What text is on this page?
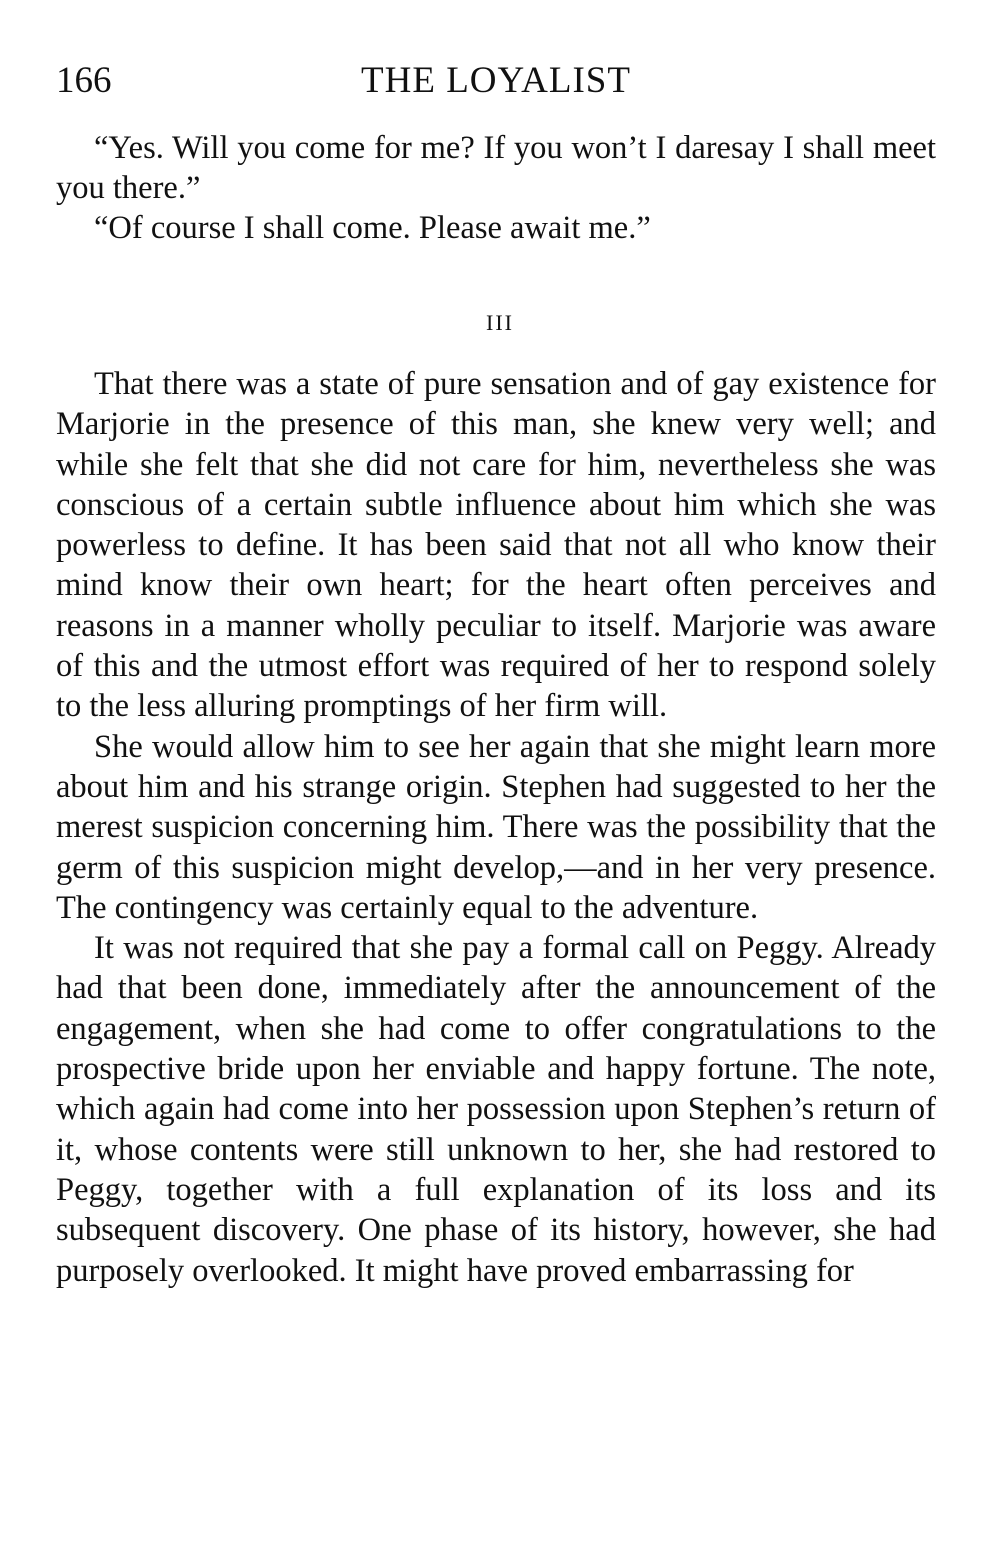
166	THE LOYALIST

“Yes. Will you come for me? If you won’t I daresay I shall meet you there.”

“Of course I shall come. Please await me.”

III

That there was a state of pure sensation and of gay existence for Marjorie in the presence of this man, she knew very well; and while she felt that she did not care for him, nevertheless she was conscious of a certain subtle influence about him which she was powerless to define. It has been said that not all who know their mind know their own heart; for the heart often perceives and reasons in a manner wholly peculiar to itself. Marjorie was aware of this and the utmost effort was required of her to respond solely to the less alluring promptings of her firm will.

She would allow him to see her again that she might learn more about him and his strange origin. Stephen had suggested to her the merest suspicion concerning him. There was the possibility that the germ of this suspicion might develop,—and in her very presence. The contingency was certainly equal to the adventure.

It was not required that she pay a formal call on Peggy. Already had that been done, immediately after the announcement of the engagement, when she had come to offer congratulations to the prospective bride upon her enviable and happy fortune. The note, which again had come into her possession upon Stephen’s return of it, whose contents were still unknown to her, she had restored to Peggy, together with a full explanation of its loss and its subsequent discovery. One phase of its history, however, she had purposely overlooked. It might have proved embarrassing for
